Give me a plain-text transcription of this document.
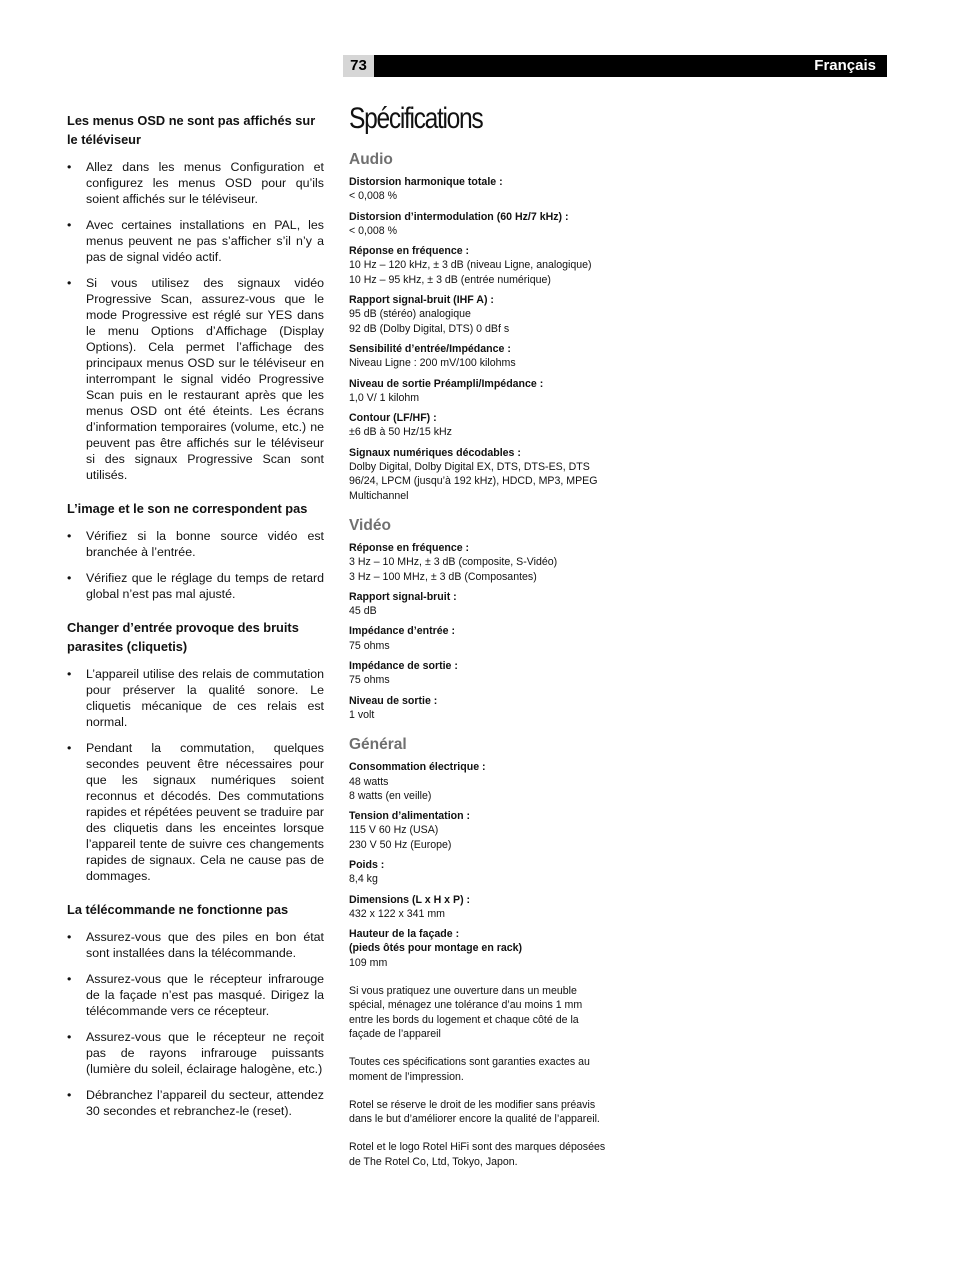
73	Français
Les menus OSD ne sont pas affichés sur le téléviseur
• Allez dans les menus Configuration et configurez les menus OSD pour qu’ils soient affichés sur le téléviseur.
• Avec certaines installations en PAL, les menus peuvent ne pas s’afficher s’il n’y a pas de signal vidéo actif.
• Si vous utilisez des signaux vidéo Progressive Scan, assurez-vous que le mode Progressive est réglé sur YES dans le menu Options d’Affichage (Display Options). Cela permet l’affichage des principaux menus OSD sur le téléviseur en interrompant le signal vidéo Progressive Scan puis en le restaurant après que les menus OSD ont été éteints. Les écrans d’information temporaires (volume, etc.) ne peuvent pas être affichés sur le téléviseur si des signaux Progressive Scan sont utilisés.
L’image et le son ne correspondent pas
• Vérifiez si la bonne source vidéo est branchée à l’entrée.
• Vérifiez que le réglage du temps de retard global n’est pas mal ajusté.
Changer d’entrée provoque des bruits parasites (cliquetis)
• L’appareil utilise des relais de commutation pour préserver la qualité sonore. Le cliquetis mécanique de ces relais est normal.
• Pendant la commutation, quelques secondes peuvent être nécessaires pour que les signaux numériques soient reconnus et décodés. Des commutations rapides et répétées peuvent se traduire par des cliquetis dans les enceintes lorsque l’appareil tente de suivre ces changements rapides de signaux. Cela ne cause pas de dommages.
La télécommande ne fonctionne pas
• Assurez-vous que des piles en bon état sont installées dans la télécommande.
• Assurez-vous que le récepteur infrarouge de la façade n’est pas masqué. Dirigez la télécommande vers ce récepteur.
• Assurez-vous que le récepteur ne reçoit pas de rayons infrarouge puissants (lumière du soleil, éclairage halogène, etc.)
• Débranchez l’appareil du secteur, attendez 30 secondes et rebranchez-le (reset).
Spécifications
Audio
Distorsion harmonique totale :
< 0,008 %
Distorsion d’intermodulation (60 Hz/7 kHz) :
< 0,008 %
Réponse en fréquence :
10 Hz – 120 kHz, ± 3 dB (niveau Ligne, analogique)
10 Hz – 95 kHz, ± 3 dB (entrée numérique)
Rapport signal-bruit (IHF A) :
95 dB (stéréo) analogique
92 dB (Dolby Digital, DTS) 0 dBf s
Sensibilité d’entrée/Impédance :
Niveau Ligne : 200 mV/100 kilohms
Niveau de sortie Préampli/Impédance :
1,0 V/ 1 kilohm
Contour (LF/HF) :
±6 dB à 50 Hz/15 kHz
Signaux numériques décodables :
Dolby Digital, Dolby Digital EX, DTS, DTS-ES, DTS 96/24, LPCM (jusqu’à 192 kHz), HDCD, MP3, MPEG Multichannel
Vidéo
Réponse en fréquence :
3 Hz – 10 MHz, ± 3 dB (composite, S-Vidéo)
3 Hz – 100 MHz, ± 3 dB (Composantes)
Rapport signal-bruit :
45 dB
Impédance d’entrée :
75 ohms
Impédance de sortie :
75 ohms
Niveau de sortie :
1 volt
Général
Consommation électrique :
48 watts
8 watts (en veille)
Tension d’alimentation :
115 V 60 Hz (USA)
230 V 50 Hz (Europe)
Poids :
8,4 kg
Dimensions (L x H x P) :
432 x 122 x 341 mm
Hauteur de la façade :
(pieds ôtés pour montage en rack)
109 mm

Si vous pratiquez une ouverture dans un meuble spécial, ménagez une tolérance d’au moins 1 mm entre les bords du logement et chaque côté de la façade de l’appareil

Toutes ces spécifications sont garanties exactes au moment de l’impression.

Rotel se réserve le droit de les modifier sans préavis dans le but d’améliorer encore la qualité de l’appareil.

Rotel et le logo Rotel HiFi sont des marques déposées de The Rotel Co, Ltd, Tokyo, Japon.
